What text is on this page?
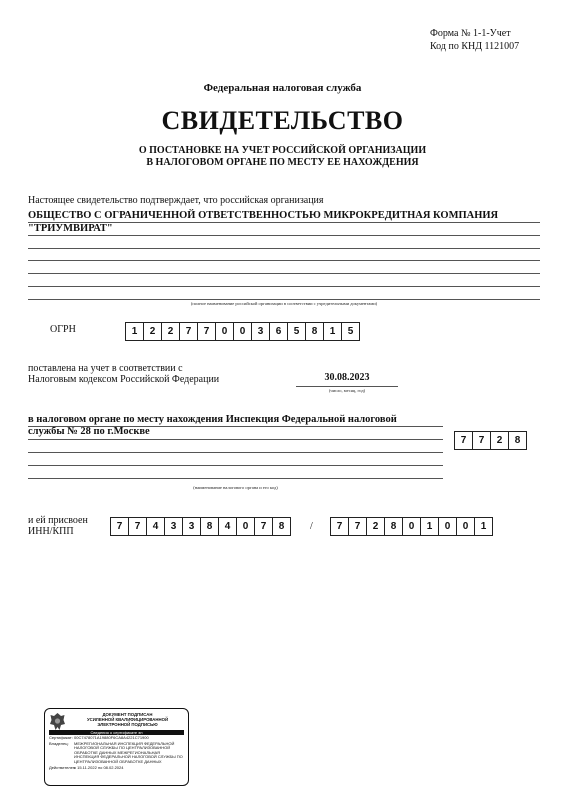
Форма № 1-1-Учет
Код по КНД 1121007
Федеральная налоговая служба
СВИДЕТЕЛЬСТВО
О ПОСТАНОВКЕ НА УЧЕТ РОССИЙСКОЙ ОРГАНИЗАЦИИ
В НАЛОГОВОМ ОРГАНЕ ПО МЕСТУ ЕЕ НАХОЖДЕНИЯ
Настоящее свидетельство подтверждает, что российская организация
ОБЩЕСТВО С ОГРАНИЧЕННОЙ ОТВЕТСТВЕННОСТЬЮ МИКРОКРЕДИТНАЯ КОМПАНИЯ
"ТРИУМВИРАТ"
(полное наименование российской организации в соответствии с учредительными документами)
ОГРН	1	2	2	7	7	0	0	3	6	5	8	1	5
поставлена на учет в соответствии с
Налоговым кодексом Российской Федерации	30.08.2023
(число, месяц, год)
в налоговом органе по месту нахождения Инспекция Федеральной налоговой
службы № 28 по г.Москве
7	7	2	8
(наименование налогового органа и его код)
и ей присвоен
ИНН/КПП	7	7	4	3	3	8	4	0	7	8	/	7	7	2	8	0	1	0	0	1
ДОКУМЕНТ ПОДПИСАН
УСИЛЕННОЙ КВАЛИФИЦИРОВАННОЙ
ЭЛЕКТРОННОЙ ПОДПИСЬЮ
Сведения о сертификате эп
Сертификат: 00C7478071A19880F6CA8A4221C71900
Владелец:	МЕЖРЕГИОНАЛЬНАЯ ИНСПЕКЦИЯ ФЕДЕРАЛЬНОЙ НАЛОГОВОЙ СЛУЖБЫ ПО ЦЕНТРАЛИЗОВАННОЙ ОБРАБОТКЕ ДАННЫХ МЕЖРЕГИОНАЛЬНАЯ ИНСПЕКЦИЯ ФЕДЕРАЛЬНОЙ НАЛОГОВОЙ СЛУЖБЫ ПО ЦЕНТРАЛИЗОВАННОЙ ОБРАБОТКЕ ДАННЫХ
Действителен:
с 15.11.2022 по 08.02.2024
